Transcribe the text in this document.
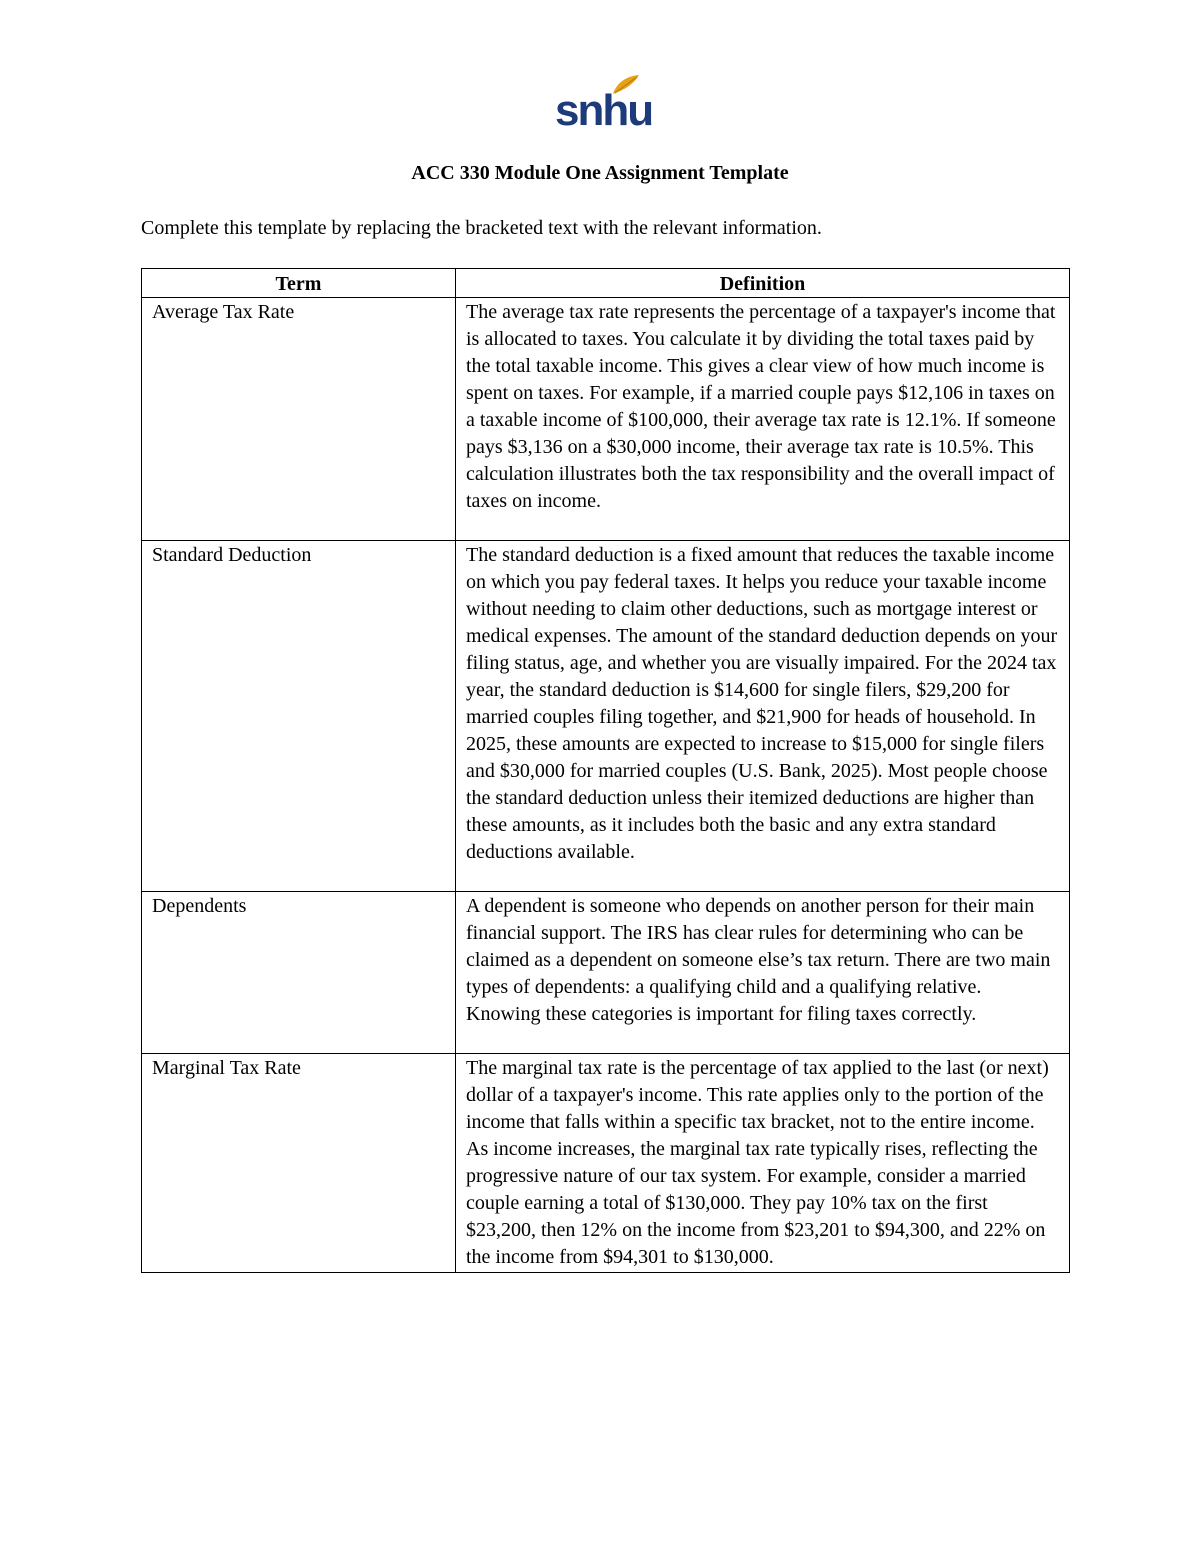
snhu
ACC 330 Module One Assignment Template
Complete this template by replacing the bracketed text with the relevant information.
Term	Definition
Average Tax Rate	The average tax rate represents the percentage of a taxpayer's income that is allocated to taxes. You calculate it by dividing the total taxes paid by the total taxable income. This gives a clear view of how much income is spent on taxes. For example, if a married couple pays $12,106 in taxes on a taxable income of $100,000, their average tax rate is 12.1%. If someone pays $3,136 on a $30,000 income, their average tax rate is 10.5%. This calculation illustrates both the tax responsibility and the overall impact of taxes on income.
Standard Deduction	The standard deduction is a fixed amount that reduces the taxable income on which you pay federal taxes. It helps you reduce your taxable income without needing to claim other deductions, such as mortgage interest or medical expenses. The amount of the standard deduction depends on your filing status, age, and whether you are visually impaired. For the 2024 tax year, the standard deduction is $14,600 for single filers, $29,200 for married couples filing together, and $21,900 for heads of household. In 2025, these amounts are expected to increase to $15,000 for single filers and $30,000 for married couples (U.S. Bank, 2025). Most people choose the standard deduction unless their itemized deductions are higher than these amounts, as it includes both the basic and any extra standard deductions available.
Dependents	A dependent is someone who depends on another person for their main financial support. The IRS has clear rules for determining who can be claimed as a dependent on someone else’s tax return. There are two main types of dependents: a qualifying child and a qualifying relative. Knowing these categories is important for filing taxes correctly.
Marginal Tax Rate	The marginal tax rate is the percentage of tax applied to the last (or next) dollar of a taxpayer's income. This rate applies only to the portion of the income that falls within a specific tax bracket, not to the entire income. As income increases, the marginal tax rate typically rises, reflecting the progressive nature of our tax system. For example, consider a married couple earning a total of $130,000. They pay 10% tax on the first $23,200, then 12% on the income from $23,201 to $94,300, and 22% on the income from $94,301 to $130,000.
